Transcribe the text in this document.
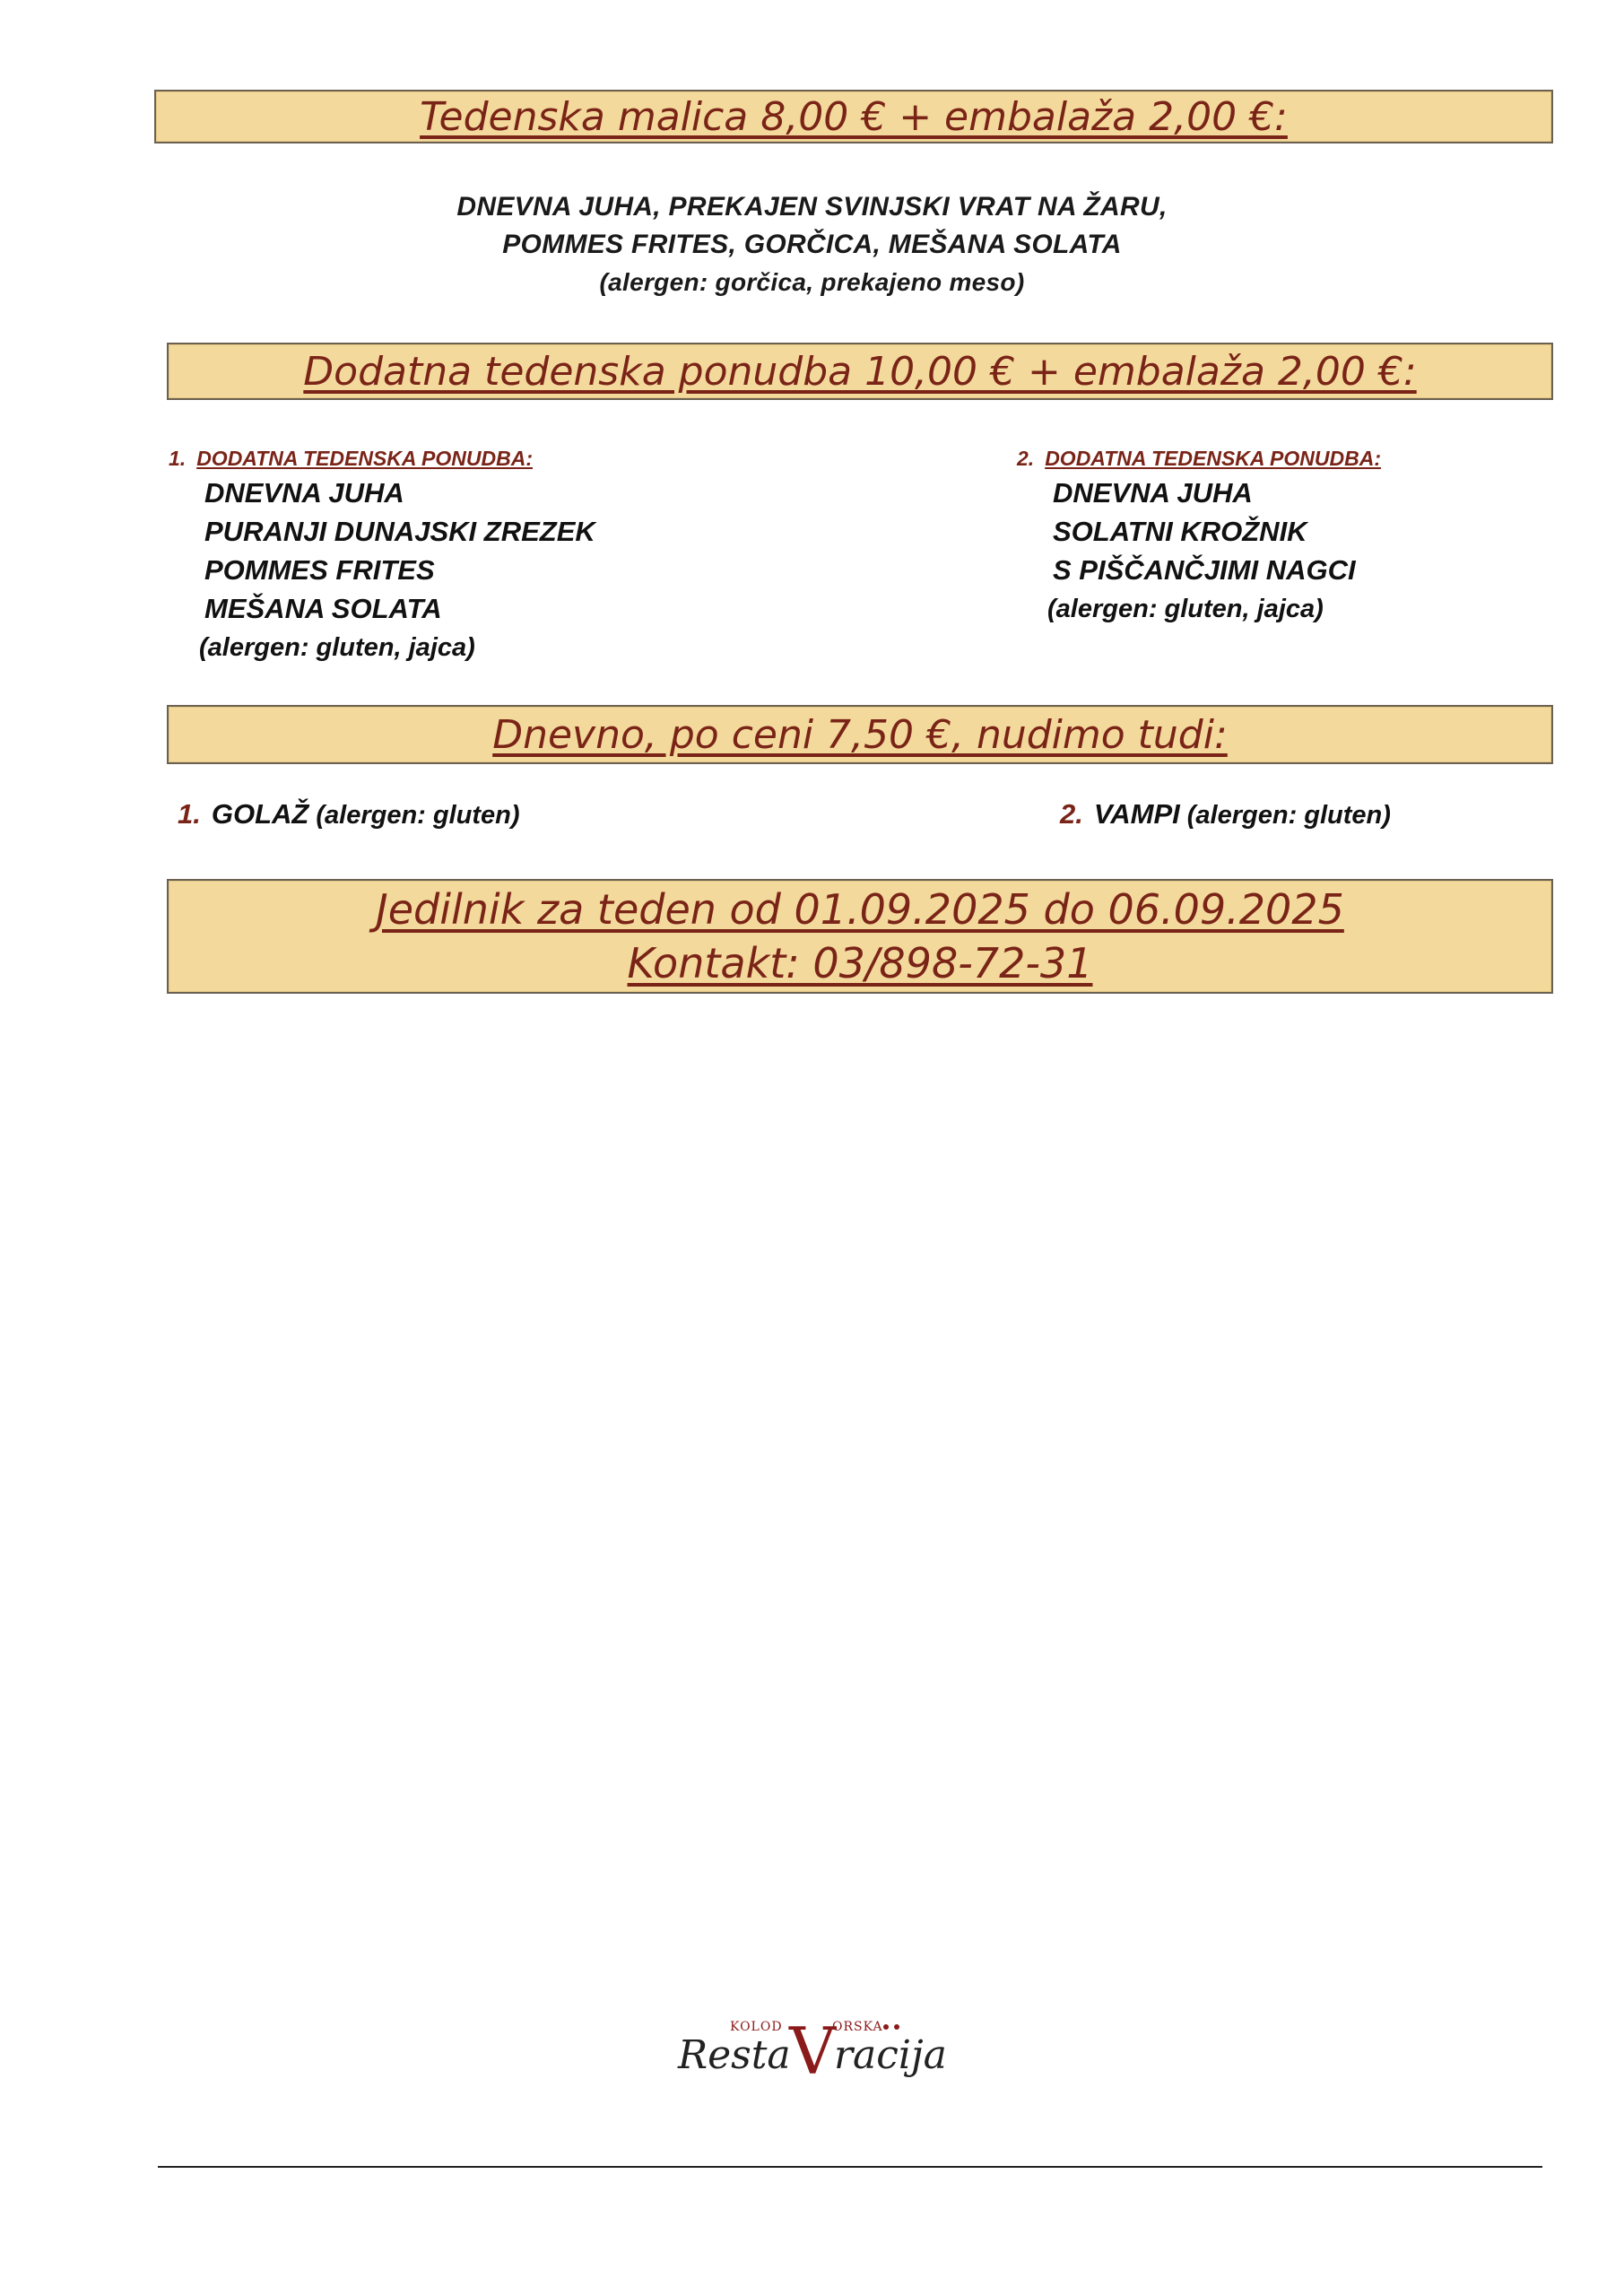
Tedenska malica 8,00 € + embalaža 2,00 €:
DNEVNA JUHA, PREKAJEN SVINJSKI VRAT NA ŽARU,
POMMES FRITES, GORČICA, MEŠANA SOLATA
(alergen: gorčica, prekajeno meso)
Dodatna tedenska ponudba 10,00 € + embalaža 2,00 €:
1. DODATNA TEDENSKA PONUDBA:
DNEVNA JUHA
PURANJI DUNAJSKI ZREZEK
POMMES FRITES
MEŠANA SOLATA
(alergen: gluten, jajca)
2. DODATNA TEDENSKA PONUDBA:
DNEVNA JUHA
SOLATNI KROŽNIK
S PIŠČANČJIMI NAGCI
(alergen: gluten, jajca)
Dnevno, po ceni 7,50 €, nudimo tudi:
1. GOLAŽ (alergen: gluten)	2. VAMPI (alergen: gluten)
Jedilnik za teden od 01.09.2025 do 06.09.2025
Kontakt: 03/898-72-31
KOLOD	ORSKA
Resta
V
racija
